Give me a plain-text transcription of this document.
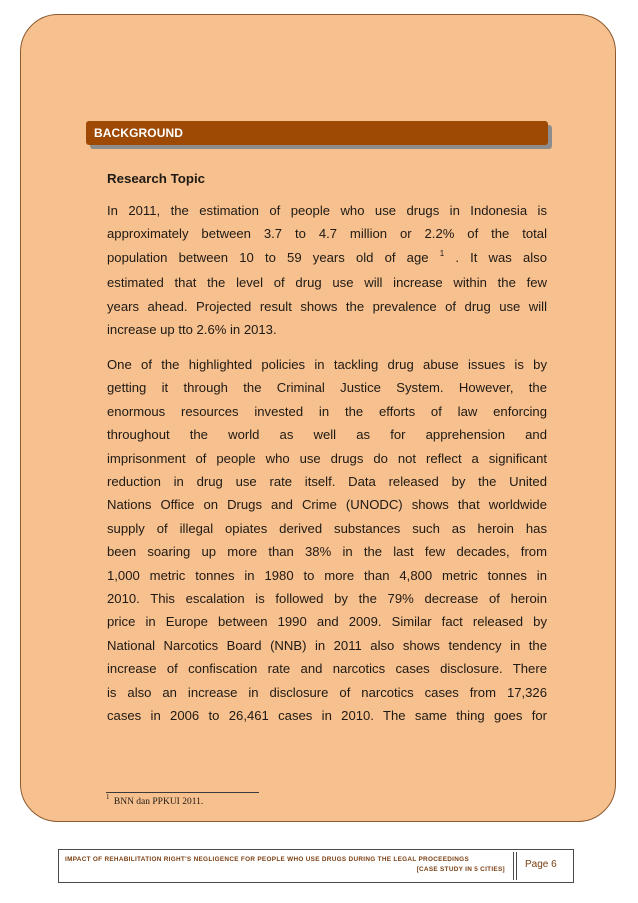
BACKGROUND
Research Topic
In 2011, the estimation of people who use drugs in Indonesia is
approximately between 3.7 to 4.7 million or 2.2% of the total
population between 10 to 59 years old of age $^1$ . It was also
estimated that the level of drug use will increase within the few
years ahead. Projected result shows the prevalence of drug use will
increase up tto 2.6% in 2013.
One of the highlighted policies in tackling drug abuse issues is by
getting it through the Criminal Justice System. However, the
enormous resources invested in the efforts of law enforcing
throughout the world as well as for apprehension and
imprisonment of people who use drugs do not reflect a significant
reduction in drug use rate itself. Data released by the United
Nations Office on Drugs and Crime (UNODC) shows that worldwide
supply of illegal opiates derived substances such as heroin has
been soaring up more than 38% in the last few decades, from
1,000 metric tonnes in 1980 to more than 4,800 metric tonnes in
2010. This escalation is followed by the 79% decrease of heroin
price in Europe between 1990 and 2009. Similar fact released by
National Narcotics Board (NNB) in 2011 also shows tendency in the
increase of confiscation rate and narcotics cases disclosure. There
is also an increase in disclosure of narcotics cases from 17,326
cases in 2006 to 26,461 cases in 2010. The same thing goes for
$^1$ BNN dan PPKUI 2011.
IMPACT OF REHABILITATION RIGHT'S NEGLIGENCE FOR PEOPLE WHO USE DRUGS DURING THE LEGAL PROCEEDINGS
[CASE STUDY IN 5 CITIES] Page 6
